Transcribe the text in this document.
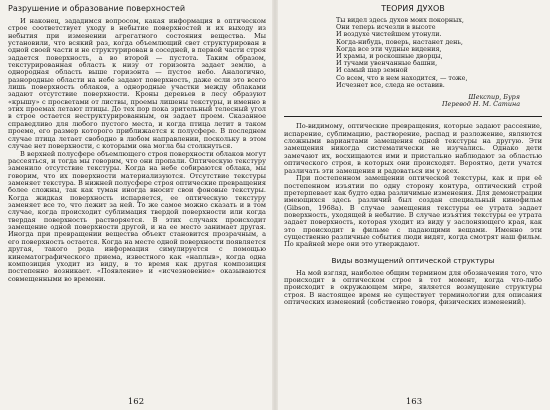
Разрушение и образование поверхностей

И наконец, зададимся вопросом, какая информация в оптическом строе соответствует уходу в небытие поверхностей и их выходу из небытия при изменении агрегатного состояния вещества. Мы установили, что всякий раз, когда объемлющий свет структурирован в одной своей части и не структурирован в соседней, в первой части строя задается поверхность, а во второй — пустота. Таким образом, текстурированная область к низу от горизонта задает землю, а однородная область выше горизонта — пустое небо. Аналогично, разнородные области на небе задают поверхность, даже если это всего лишь поверхность облаков, а однородные участки между облаками задают отсутствие поверхности. Кроны деревьев в лесу образуют «крышу» с просветами от листвы, проемы лишены текстуры, и именно в этих проемах летают птицы. До тех пор пока зрительный телесный угол в строе остается неструктурированным, он задает проем. Сказанное справедливо для любого пустого места, и когда птица летит в таком проеме, его размер которого приближается к полусфере. В последнем случае птица летает свободно в любом направлении, поскольку в этом случае нет поверхности, с которыми она могла бы столкнуться.

В верхней полусфере объемлющего строя поверхности облаков могут рассеяться, и тогда мы говорим, что они пропали. Оптическую текстуру заменило отсутствие текстуры. Когда на небе собираются облака, мы говорим, что их поверхности материализуются. Отсутствие текстуры заменяет текстура. В нижней полусфере строя оптические превращения более сложны, так как туман иногда вносит свои фоновые текстуры. Когда жидкая поверхность испаряется, ее оптическую текстуру заменяет все то, что лежит за ней. То же самое можно сказать и в том случае, когда происходит сублимация твердой поверхности или когда твердая поверхность растворяется. В этих случаях происходит замещение одной поверхности другой, и на ее место занимает другая. Иногда при превращении вещества объект становится прозрачным, а его поверхность остается. Когда на месте одной поверхности появляется другая, такого рода информация симулируется с помощью кинематографического приема, известного как «наплыв», когда одна композиция уходит из виду, в то время как другая композиция постепенно возникает. «Появление» и «исчезновение» оказываются совмещенными во времени.

162
ТЕОРИЯ ДУХОВ
Ты видел здесь духов моих покорных,
Они теперь исчезли в высоте
И воздухе чистейшем утонули.
Когда-нибудь, поверь, настанет день,
Когда все эти чудные видения,
И храмы, и роскошные дворцы,
И тучами увенчанные башни,
И самый шар земной
Со всем, что в нем находится, — тоже,
Исчезнет все, следа не оставив.
Шекспир, Буря
Перевод Н. М. Сатина

По-видимому, оптические превращения, которые задают рассеяние, испарение, сублимацию, растворение, распад и разложение, являются сложными вариантами замещения одной текстуры на другую. Эти замещения никогда систематически не изучались. Однако дети замечают их, восхищаются ими и пристально наблюдают за областью оптического строя, в которых они происходят. Вероятно, дети учатся различать эти замещения и радоваться им у всех.

При постепенном замещении оптической текстуры, как и при её постепенном изъятии по одну сторону контура, оптический строй претерпевает как будто едва различимые изменения. Для демонстрации имеющихся здесь различий был создан специальный кинофильм (Gibson, 1968a). В случае замещения текстуры ее утрата задает поверхность, уходящей в небытие. В случае изъятия текстуры ее утрата задает поверхность, которая уходит из виду у заслоняющего края, как это происходит в фильме с падающими вещами. Именно эти существенно различные события люди видят, когда смотрят наш фильм. По крайней мере они это утверждают.

Виды возмущений оптической структуры

На мой взгляд, наиболее общим термином для обозначения того, что происходит в оптическом строе в тот момент, когда что-либо происходит в окружающем мире, является возмущение структуры строя. В настоящее время не существует терминологии для описания оптических изменений (собственно говоря, физических изменений).

163
